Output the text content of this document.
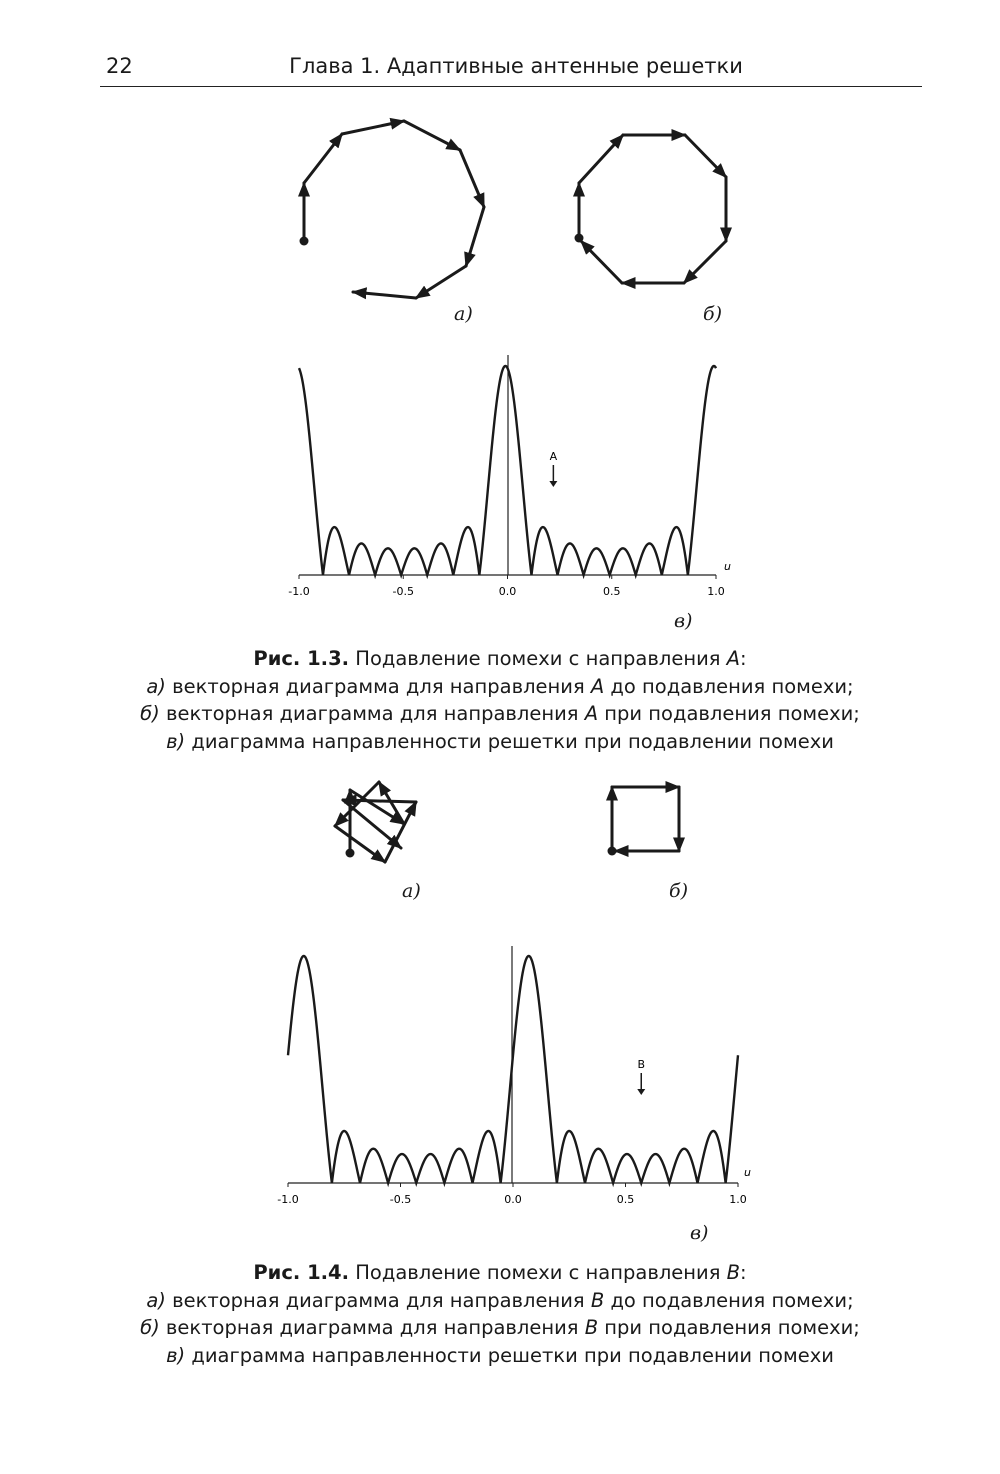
22	Глава 1. Адаптивные антенные решетки
а)	б)
-1.0	-0.5	0.0	0.5	1.0
u
A
в)
Рис. 1.3. Подавление помехи с направления A:
а) векторная диаграмма для направления A до подавления помехи;
б) векторная диаграмма для направления A при подавления помехи;
в) диаграмма направленности решетки при подавлении помехи
а)	б)
-1.0	-0.5	0.0	0.5	1.0
u
B
в)
Рис. 1.4. Подавление помехи с направления B:
а) векторная диаграмма для направления B до подавления помехи;
б) векторная диаграмма для направления B при подавления помехи;
в) диаграмма направленности решетки при подавлении помехи
